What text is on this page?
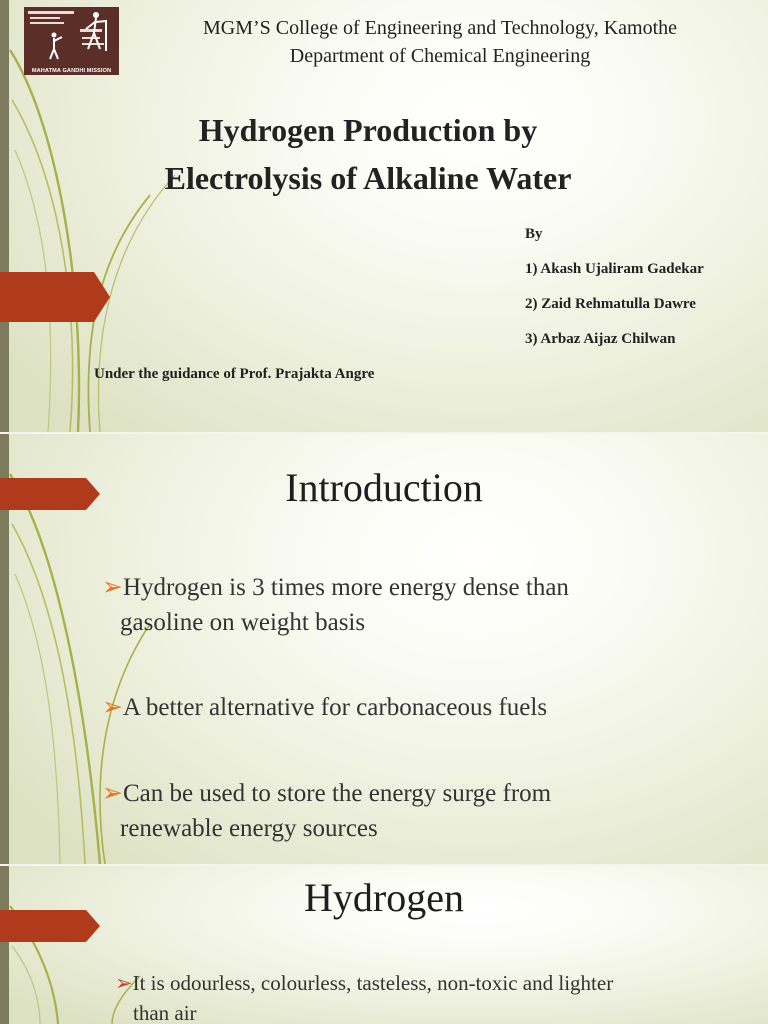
MAHATMA GANDHI MISSION
MGM’S College of Engineering and Technology, Kamothe
Department of Chemical Engineering
Hydrogen Production by
Electrolysis of Alkaline Water
By
1) Akash Ujaliram Gadekar
2) Zaid Rehmatulla Dawre
3) Arbaz Aijaz Chilwan
Under the guidance of Prof. Prajakta Angre
Introduction
➢Hydrogen is 3 times more energy dense than
gasoline on weight basis
➢A better alternative for carbonaceous fuels
➢Can be used to store the energy surge from
renewable energy sources
Hydrogen
➢It is odourless, colourless, tasteless, non-toxic and lighter
than air
